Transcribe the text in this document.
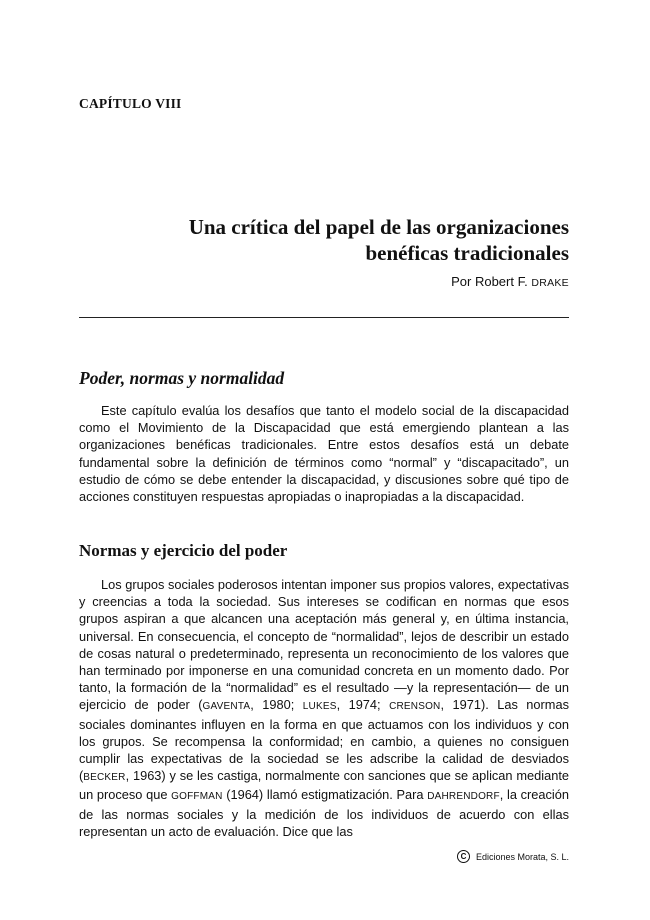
CAPÍTULO VIII
Una crítica del papel de las organizaciones
benéficas tradicionales
Por Robert F. DRAKE
Poder, normas y normalidad
Este capítulo evalúa los desafíos que tanto el modelo social de la discapacidad como el Movimiento de la Discapacidad que está emergiendo plantean a las organizaciones benéficas tradicionales. Entre estos desafíos está un debate fundamental sobre la definición de términos como “normal” y “discapacitado”, un estudio de cómo se debe entender la discapacidad, y discusiones sobre qué tipo de acciones constituyen respuestas apropiadas o inapropiadas a la discapacidad.
Normas y ejercicio del poder
Los grupos sociales poderosos intentan imponer sus propios valores, expectativas y creencias a toda la sociedad. Sus intereses se codifican en normas que esos grupos aspiran a que alcancen una aceptación más general y, en última instancia, universal. En consecuencia, el concepto de “normalidad”, lejos de describir un estado de cosas natural o predeterminado, representa un reconocimiento de los valores que han terminado por imponerse en una comunidad concreta en un momento dado. Por tanto, la formación de la “normalidad” es el resultado —y la representación— de un ejercicio de poder (GAVENTA, 1980; LUKES, 1974; CRENSON, 1971). Las normas sociales dominantes influyen en la forma en que actuamos con los individuos y con los grupos. Se recompensa la conformidad; en cambio, a quienes no consiguen cumplir las expectativas de la sociedad se les adscribe la calidad de desviados (BECKER, 1963) y se les castiga, normalmente con sanciones que se aplican mediante un proceso que GOFFMAN (1964) llamó estigmatización. Para DAHRENDORF, la creación de las normas sociales y la medición de los individuos de acuerdo con ellas representan un acto de evaluación. Dice que las
C	Ediciones Morata, S. L.
